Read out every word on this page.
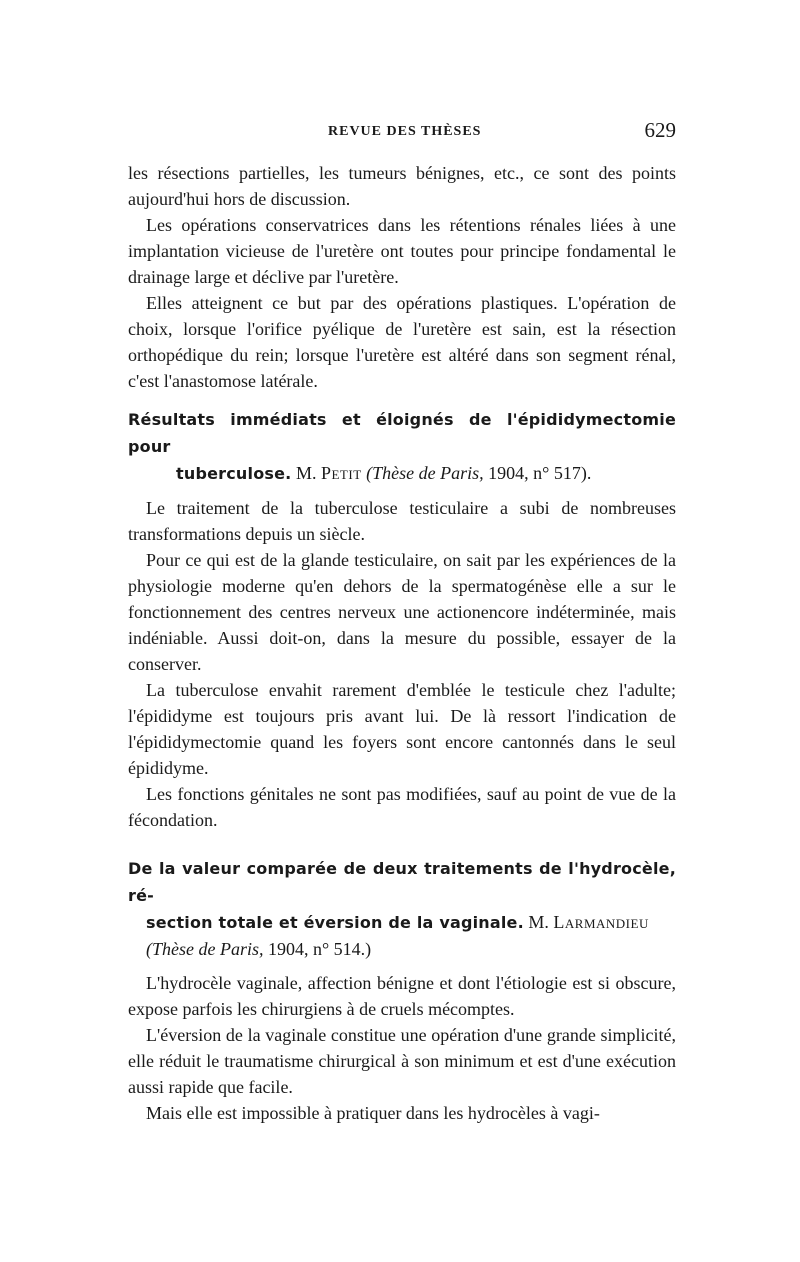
REVUE DES THÈSES	629

les résections partielles, les tumeurs bénignes, etc., ce sont des points aujourd'hui hors de discussion.

Les opérations conservatrices dans les rétentions rénales liées à une implantation vicieuse de l'uretère ont toutes pour principe fondamental le drainage large et déclive par l'uretère.

Elles atteignent ce but par des opérations plastiques. L'opération de choix, lorsque l'orifice pyélique de l'uretère est sain, est la résection orthopédique du rein; lorsque l'uretère est altéré dans son segment rénal, c'est l'anastomose latérale.

Résultats immédiats et éloignés de l'épididymectomie pour
tuberculose. M. Petit (Thèse de Paris, 1904, n° 517).

Le traitement de la tuberculose testiculaire a subi de nombreuses transformations depuis un siècle.

Pour ce qui est de la glande testiculaire, on sait par les expériences de la physiologie moderne qu'en dehors de la spermatogénèse elle a sur le fonctionnement des centres nerveux une actionencore indéterminée, mais indéniable. Aussi doit-on, dans la mesure du possible, essayer de la conserver.

La tuberculose envahit rarement d'emblée le testicule chez l'adulte; l'épididyme est toujours pris avant lui. De là ressort l'indication de l'épididymectomie quand les foyers sont encore cantonnés dans le seul épididyme.

Les fonctions génitales ne sont pas modifiées, sauf au point de vue de la fécondation.

De la valeur comparée de deux traitements de l'hydrocèle, ré-
section totale et éversion de la vaginale. M. Larmandieu
(Thèse de Paris, 1904, n° 514.)

L'hydrocèle vaginale, affection bénigne et dont l'étiologie est si obscure, expose parfois les chirurgiens à de cruels mécomptes.

L'éversion de la vaginale constitue une opération d'une grande simplicité, elle réduit le traumatisme chirurgical à son minimum et est d'une exécution aussi rapide que facile.

Mais elle est impossible à pratiquer dans les hydrocèles à vagi-
